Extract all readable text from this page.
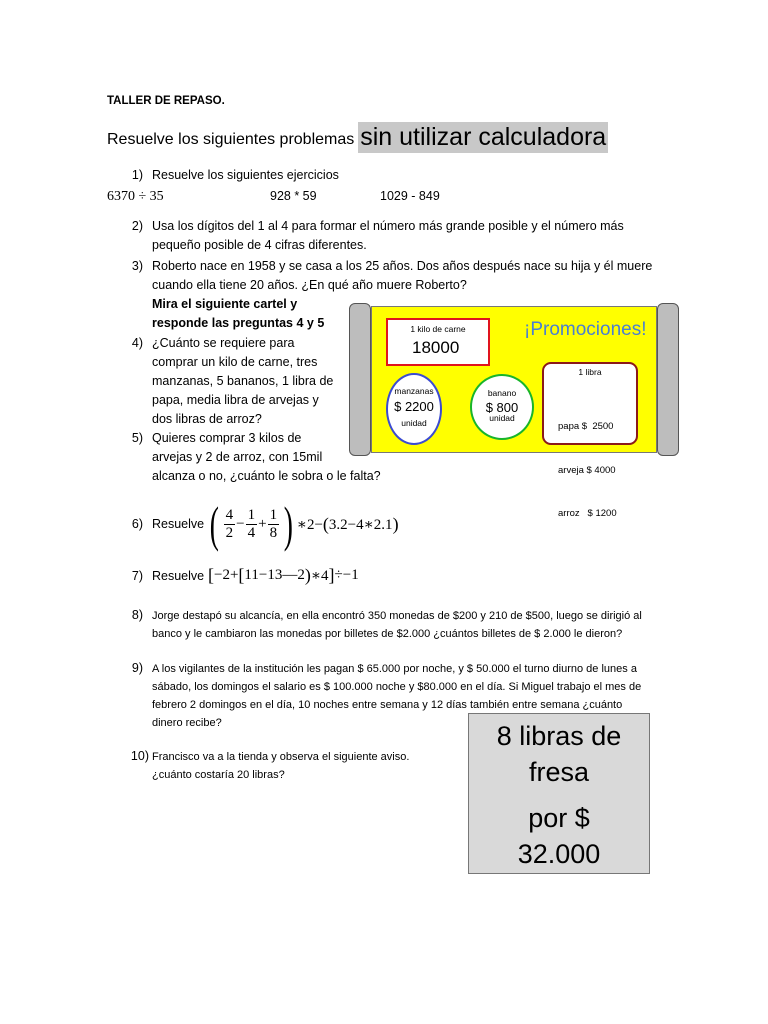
TALLER DE REPASO.
Resuelve los siguientes problemas sin utilizar calculadora
1) Resuelve los siguientes ejercicios
6370 ÷ 35	928 * 59	1029 - 849
2) Usa los dígitos del 1 al 4 para formar el número más grande posible y el número más
pequeño posible de 4 cifras diferentes.
3) Roberto nace en 1958 y se casa a los 25 años. Dos años después nace su hija y él muere
cuando ella tiene 20 años. ¿En qué año muere Roberto?
Mira el siguiente cartel y
responde las preguntas 4 y 5
4) ¿Cuánto se requiere para
comprar un kilo de carne, tres
manzanas, 5 bananos, 1 libra de
papa, media libra de arvejas y
dos libras de arroz?
5) Quieres comprar 3 kilos de
arvejas y 2 de arroz, con 15mil
alcanza o no, ¿cuánto le sobra o le falta?
1 kilo de carne
18000
¡Promociones!
manzanas
$ 2200
unidad
banano
$ 800
unidad
1 libra

papa $  2500

arveja $ 4000

arroz   $ 1200

6) Resuelve ( $\frac{4}{2} - \frac{1}{4} + \frac{1}{8}$ ) ∗2− ( 3.2−4∗2.1 )
7) Resuelve [ −2+ [ 11−13—2 ) ∗4 ] ÷−1
8) Jorge destapó su alcancía, en ella encontró 350 monedas de $200 y 210 de $500, luego se dirigió al
banco y le cambiaron las monedas por billetes de $2.000 ¿cuántos billetes de $ 2.000 le dieron?
9) A los vigilantes de la institución les pagan $ 65.000 por noche, y $ 50.000 el turno diurno de lunes a
sábado, los domingos el salario es $ 100.000 noche y $80.000 en el día. Si Miguel trabajo el mes de
febrero 2 domingos en el día, 10 noches entre semana y 12 días también entre semana ¿cuánto
dinero recibe?
10) Francisco va a la tienda y observa el siguiente aviso.
¿cuánto costaría 20 libras?
8 libras de
fresa
por $
32.000
